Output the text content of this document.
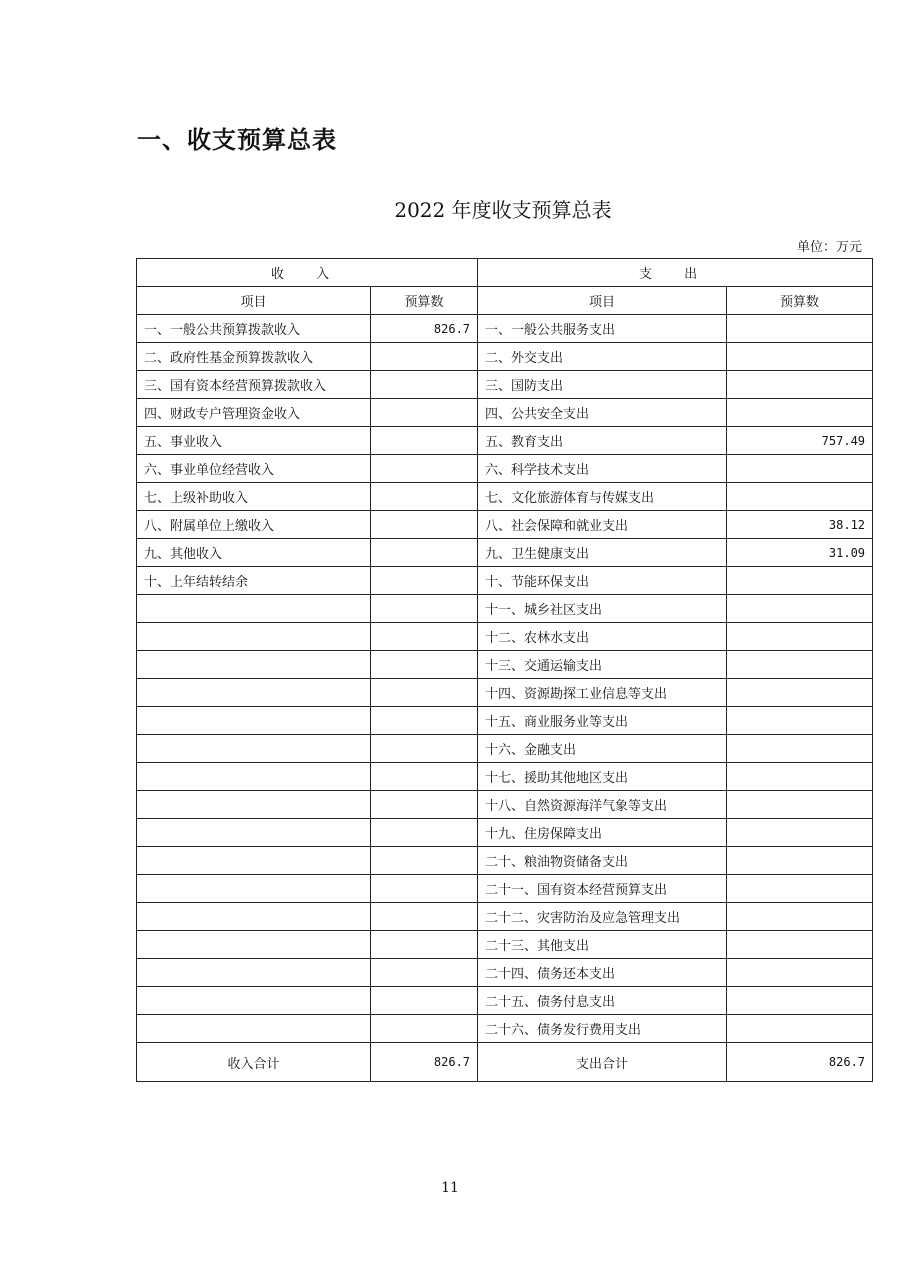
一、收支预算总表
2022 年度收支预算总表
单位：万元
收 入		支 出	
项目	预算数	项目	预算数
一、一般公共预算拨款收入	826.7	一、一般公共服务支出	
二、政府性基金预算拨款收入		二、外交支出	
三、国有资本经营预算拨款收入		三、国防支出	
四、财政专户管理资金收入		四、公共安全支出	
五、事业收入		五、教育支出	757.49
六、事业单位经营收入		六、科学技术支出	
七、上级补助收入		七、文化旅游体育与传媒支出	
八、附属单位上缴收入		八、社会保障和就业支出	38.12
九、其他收入		九、卫生健康支出	31.09
十、上年结转结余		十、节能环保支出	
		十一、城乡社区支出	
		十二、农林水支出	
		十三、交通运输支出	
		十四、资源勘探工业信息等支出	
		十五、商业服务业等支出	
		十六、金融支出	
		十七、援助其他地区支出	
		十八、自然资源海洋气象等支出	
		十九、住房保障支出	
		二十、粮油物资储备支出	
		二十一、国有资本经营预算支出	
		二十二、灾害防治及应急管理支出	
		二十三、其他支出	
		二十四、债务还本支出	
		二十五、债务付息支出	
		二十六、债务发行费用支出	
收入合计	826.7	支出合计	826.7
11
